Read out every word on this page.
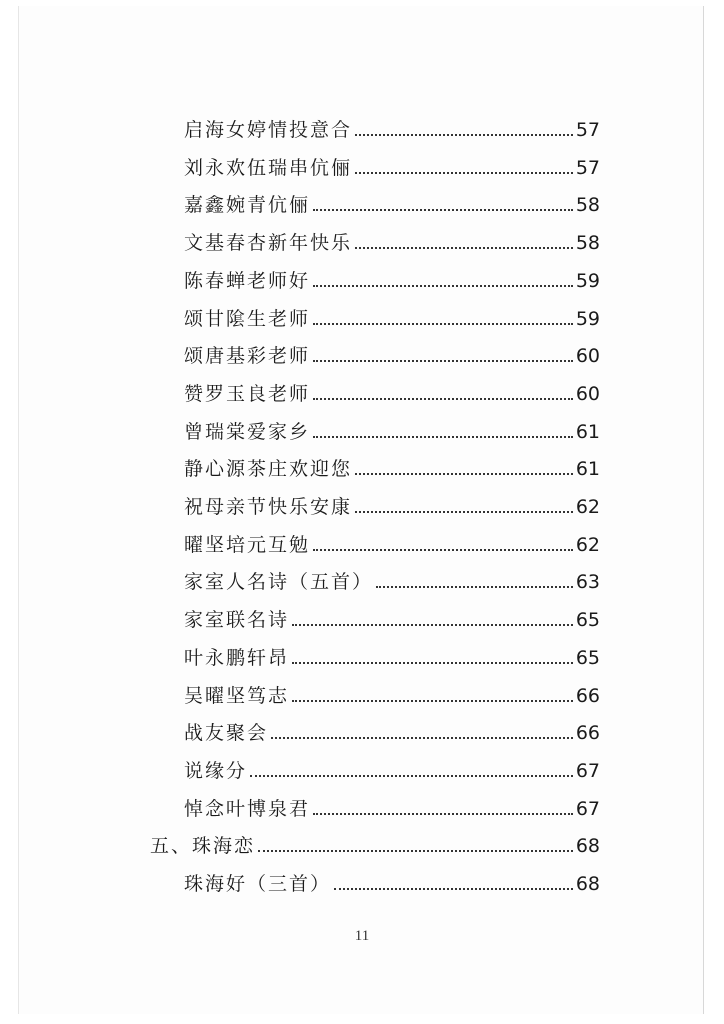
启海女婷情投意合	57
刘永欢伍瑞串伉俪	57
嘉鑫婉青伉俪	58
文基春杏新年快乐	58
陈春蝉老师好	59
颂甘隂生老师	59
颂唐基彩老师	60
赞罗玉良老师	60
曾瑞棠爱家乡	61
静心源茶庄欢迎您	61
祝母亲节快乐安康	62
曜坚培元互勉	62
家室人名诗（五首）	63
家室联名诗	65
叶永鹏轩昂	65
吴曜坚笃志	66
战友聚会	66
说缘分	67
悼念叶博泉君	67
五、珠海恋	68
珠海好（三首）	68
11
